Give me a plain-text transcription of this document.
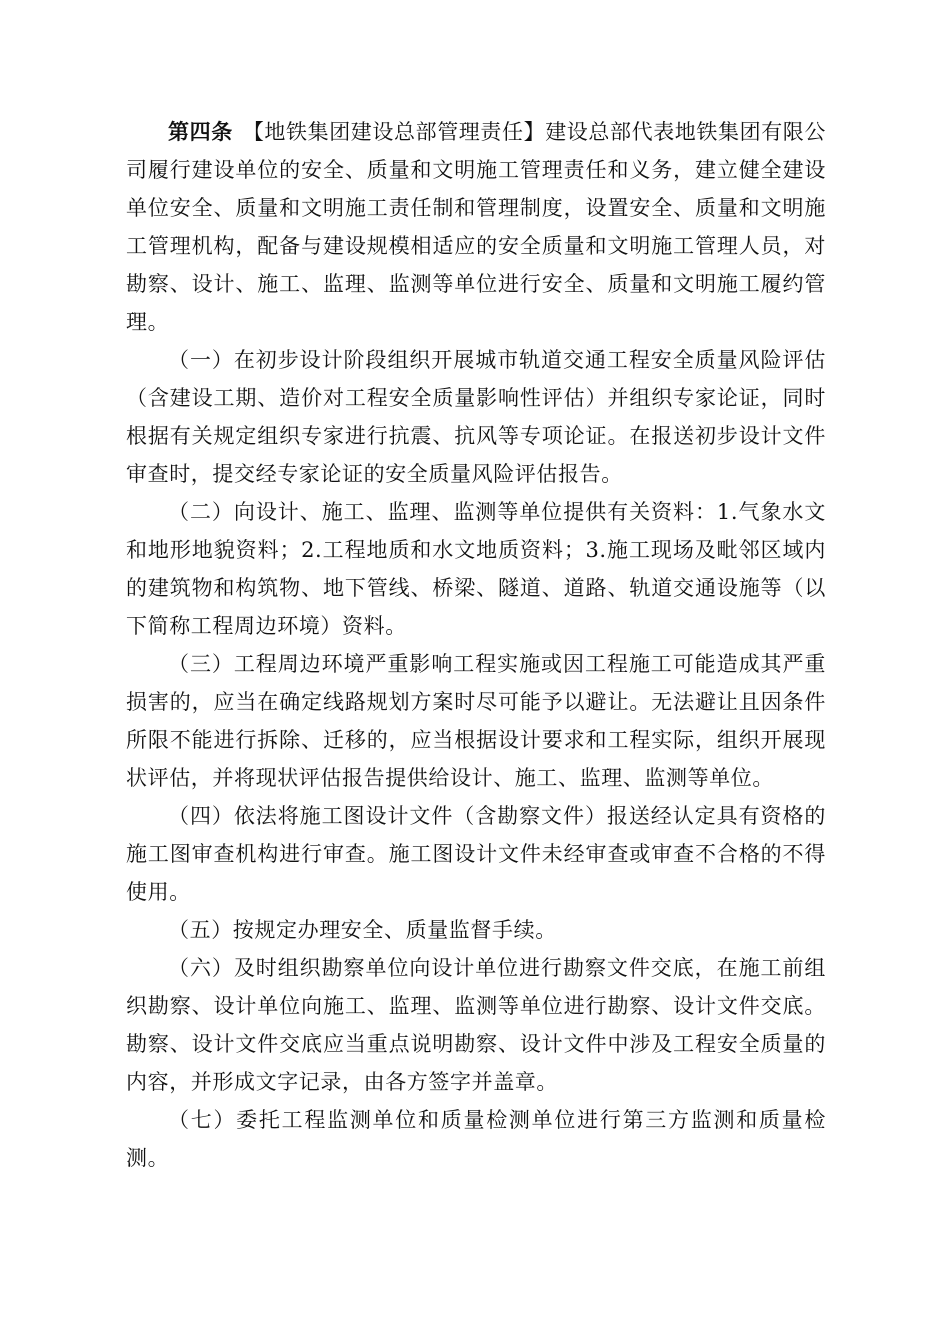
第四条 【地铁集团建设总部管理责任】建设总部代表地铁集团有限公司履行建设单位的安全、质量和文明施工管理责任和义务，建立健全建设单位安全、质量和文明施工责任制和管理制度，设置安全、质量和文明施工管理机构，配备与建设规模相适应的安全质量和文明施工管理人员，对勘察、设计、施工、监理、监测等单位进行安全、质量和文明施工履约管理。

（一）在初步设计阶段组织开展城市轨道交通工程安全质量风险评估（含建设工期、造价对工程安全质量影响性评估）并组织专家论证，同时根据有关规定组织专家进行抗震、抗风等专项论证。在报送初步设计文件审查时，提交经专家论证的安全质量风险评估报告。

（二）向设计、施工、监理、监测等单位提供有关资料：1.气象水文和地形地貌资料；2.工程地质和水文地质资料；3.施工现场及毗邻区域内的建筑物和构筑物、地下管线、桥梁、隧道、道路、轨道交通设施等（以下简称工程周边环境）资料。

（三）工程周边环境严重影响工程实施或因工程施工可能造成其严重损害的，应当在确定线路规划方案时尽可能予以避让。无法避让且因条件所限不能进行拆除、迁移的，应当根据设计要求和工程实际，组织开展现状评估，并将现状评估报告提供给设计、施工、监理、监测等单位。

（四）依法将施工图设计文件（含勘察文件）报送经认定具有资格的施工图审查机构进行审查。施工图设计文件未经审查或审查不合格的不得使用。

（五）按规定办理安全、质量监督手续。

（六）及时组织勘察单位向设计单位进行勘察文件交底，在施工前组织勘察、设计单位向施工、监理、监测等单位进行勘察、设计文件交底。勘察、设计文件交底应当重点说明勘察、设计文件中涉及工程安全质量的内容，并形成文字记录，由各方签字并盖章。

（七）委托工程监测单位和质量检测单位进行第三方监测和质量检测。
